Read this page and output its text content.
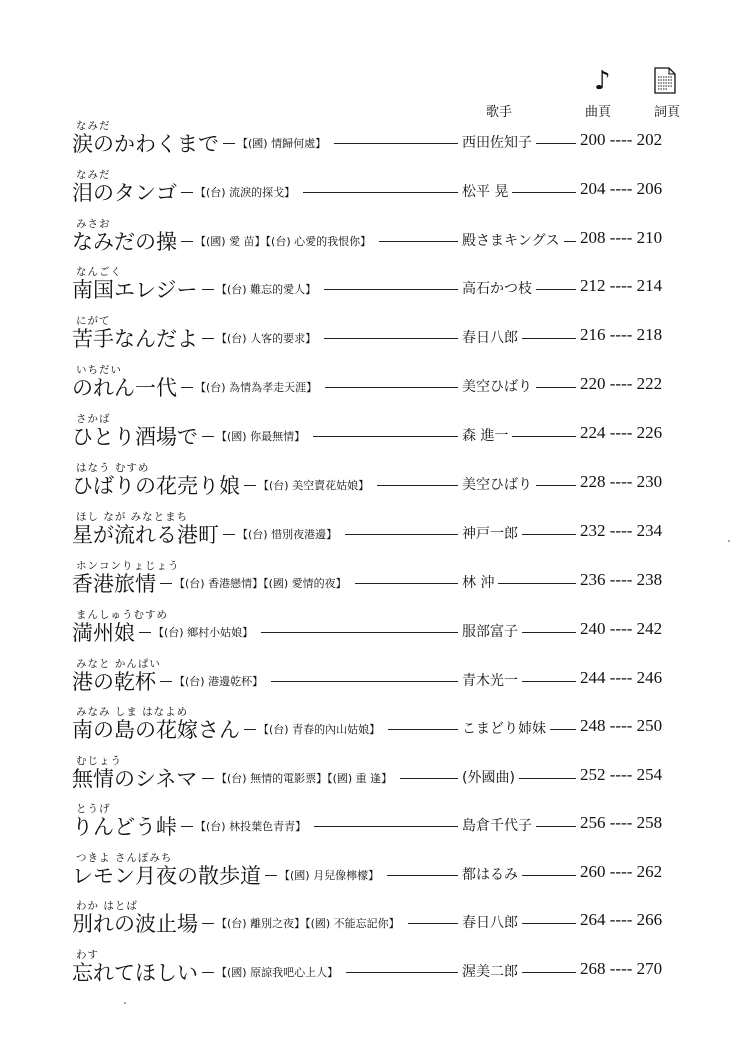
歌手
♪
曲頁	詞頁
なみだ
涙のかわくまで 【(國) 情歸何處】	西田佐知子	200 ---- 202
なみだ
泪のタンゴ 【(台) 流淚的探戈】	松平 晃	204 ---- 206
みさお
なみだの操 【(國) 愛 苗】【(台) 心愛的我恨你】	殿さまキングス 208 ---- 210
なんごく
南国エレジー 【(台) 難忘的愛人】	高石かつ枝	212 ---- 214
にがて
苦手なんだよ 【(台) 人客的要求】	春日八郎	216 ---- 218
いちだい
のれん一代 【(台) 為情為孝走天涯】	美空ひばり	220 ---- 222
さかば
ひとり酒場で 【(國) 你最無情】	森 進一	224 ---- 226
はなう むすめ
ひばりの花売り娘 【(台) 美空賣花姑娘】	美空ひばり	228 ---- 230
ほし なが みなとまち
星が流れる港町 【(台) 惜別夜港邊】	神戸一郎	232 ---- 234
ホンコンりょじょう
香港旅情 【(台) 香港戀情】【(國) 愛情的夜】	林 沖	236 ---- 238
まんしゅうむすめ
満州娘 【(台) 鄉村小姑娘】	服部富子	240 ---- 242
みなと かんぱい
港の乾杯 【(台) 港邊乾杯】	青木光一	244 ---- 246
みなみ しま はなよめ
南の島の花嫁さん 【(台) 青春的內山姑娘】	こまどり姉妹 248 ---- 250
むじょう
無情のシネマ 【(台) 無情的電影票】【(國) 重 逢】	(外國曲)	252 ---- 254
とうげ
りんどう峠 【(台) 林投葉色青青】	島倉千代子	256 ---- 258
つきよ さんぽみち
レモン月夜の散歩道 【(國) 月兒像檸檬】	都はるみ	260 ---- 262
わか はとば
別れの波止場 【(台) 離別之夜】【(國) 不能忘記你】	春日八郎	264 ---- 266
わす
忘れてほしい 【(國) 原諒我吧心上人】	渥美二郎	268 ---- 270
